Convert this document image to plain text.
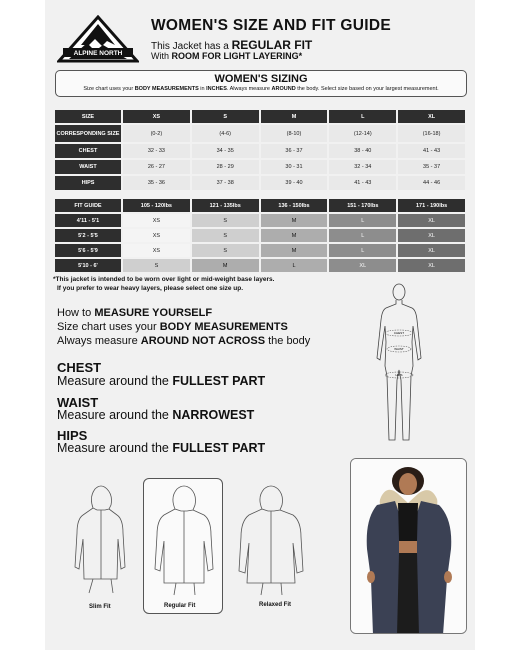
ALPINE NORTH
WOMEN'S SIZE AND FIT GUIDE
This Jacket has a REGULAR FIT
With ROOM FOR LIGHT LAYERING*
WOMEN'S SIZING
Size chart uses your BODY MEASUREMENTS in INCHES. Always measure AROUND the body. Select size based on your largest measurement.
SIZE	XS	S	M	L	XL
CORRESPONDING SIZE	(0-2)	(4-6)	(8-10)	(12-14)	(16-18)
CHEST	32 - 33	34 - 35	36 - 37	38 - 40	41 - 43
WAIST	26 - 27	28 - 29	30 - 31	32 - 34	35 - 37
HIPS	35 - 36	37 - 38	39 - 40	41 - 43	44 - 46
FIT GUIDE	105 - 120lbs	121 - 135lbs	136 - 150lbs	151 - 170lbs	171 - 190lbs
4'11 - 5'1	XS	S	M	L	XL
5'2 - 5'5	XS	S	M	L	XL
5'6 - 5'9	XS	S	M	L	XL
5'10 - 6'	S	M	L	XL	XL
*This jacket is intended to be worn over light or mid-weight base layers.
If you prefer to wear heavy layers, please select one size up.
How to MEASURE YOURSELF
Size chart uses your BODY MEASUREMENTS
Always measure AROUND NOT ACROSS the body
CHEST
Measure around the FULLEST PART
WAIST
Measure around the NARROWEST
HIPS
Measure around the FULLEST PART
CHEST
WAIST
HIPS
Slim Fit	Regular Fit	Relaxed Fit
